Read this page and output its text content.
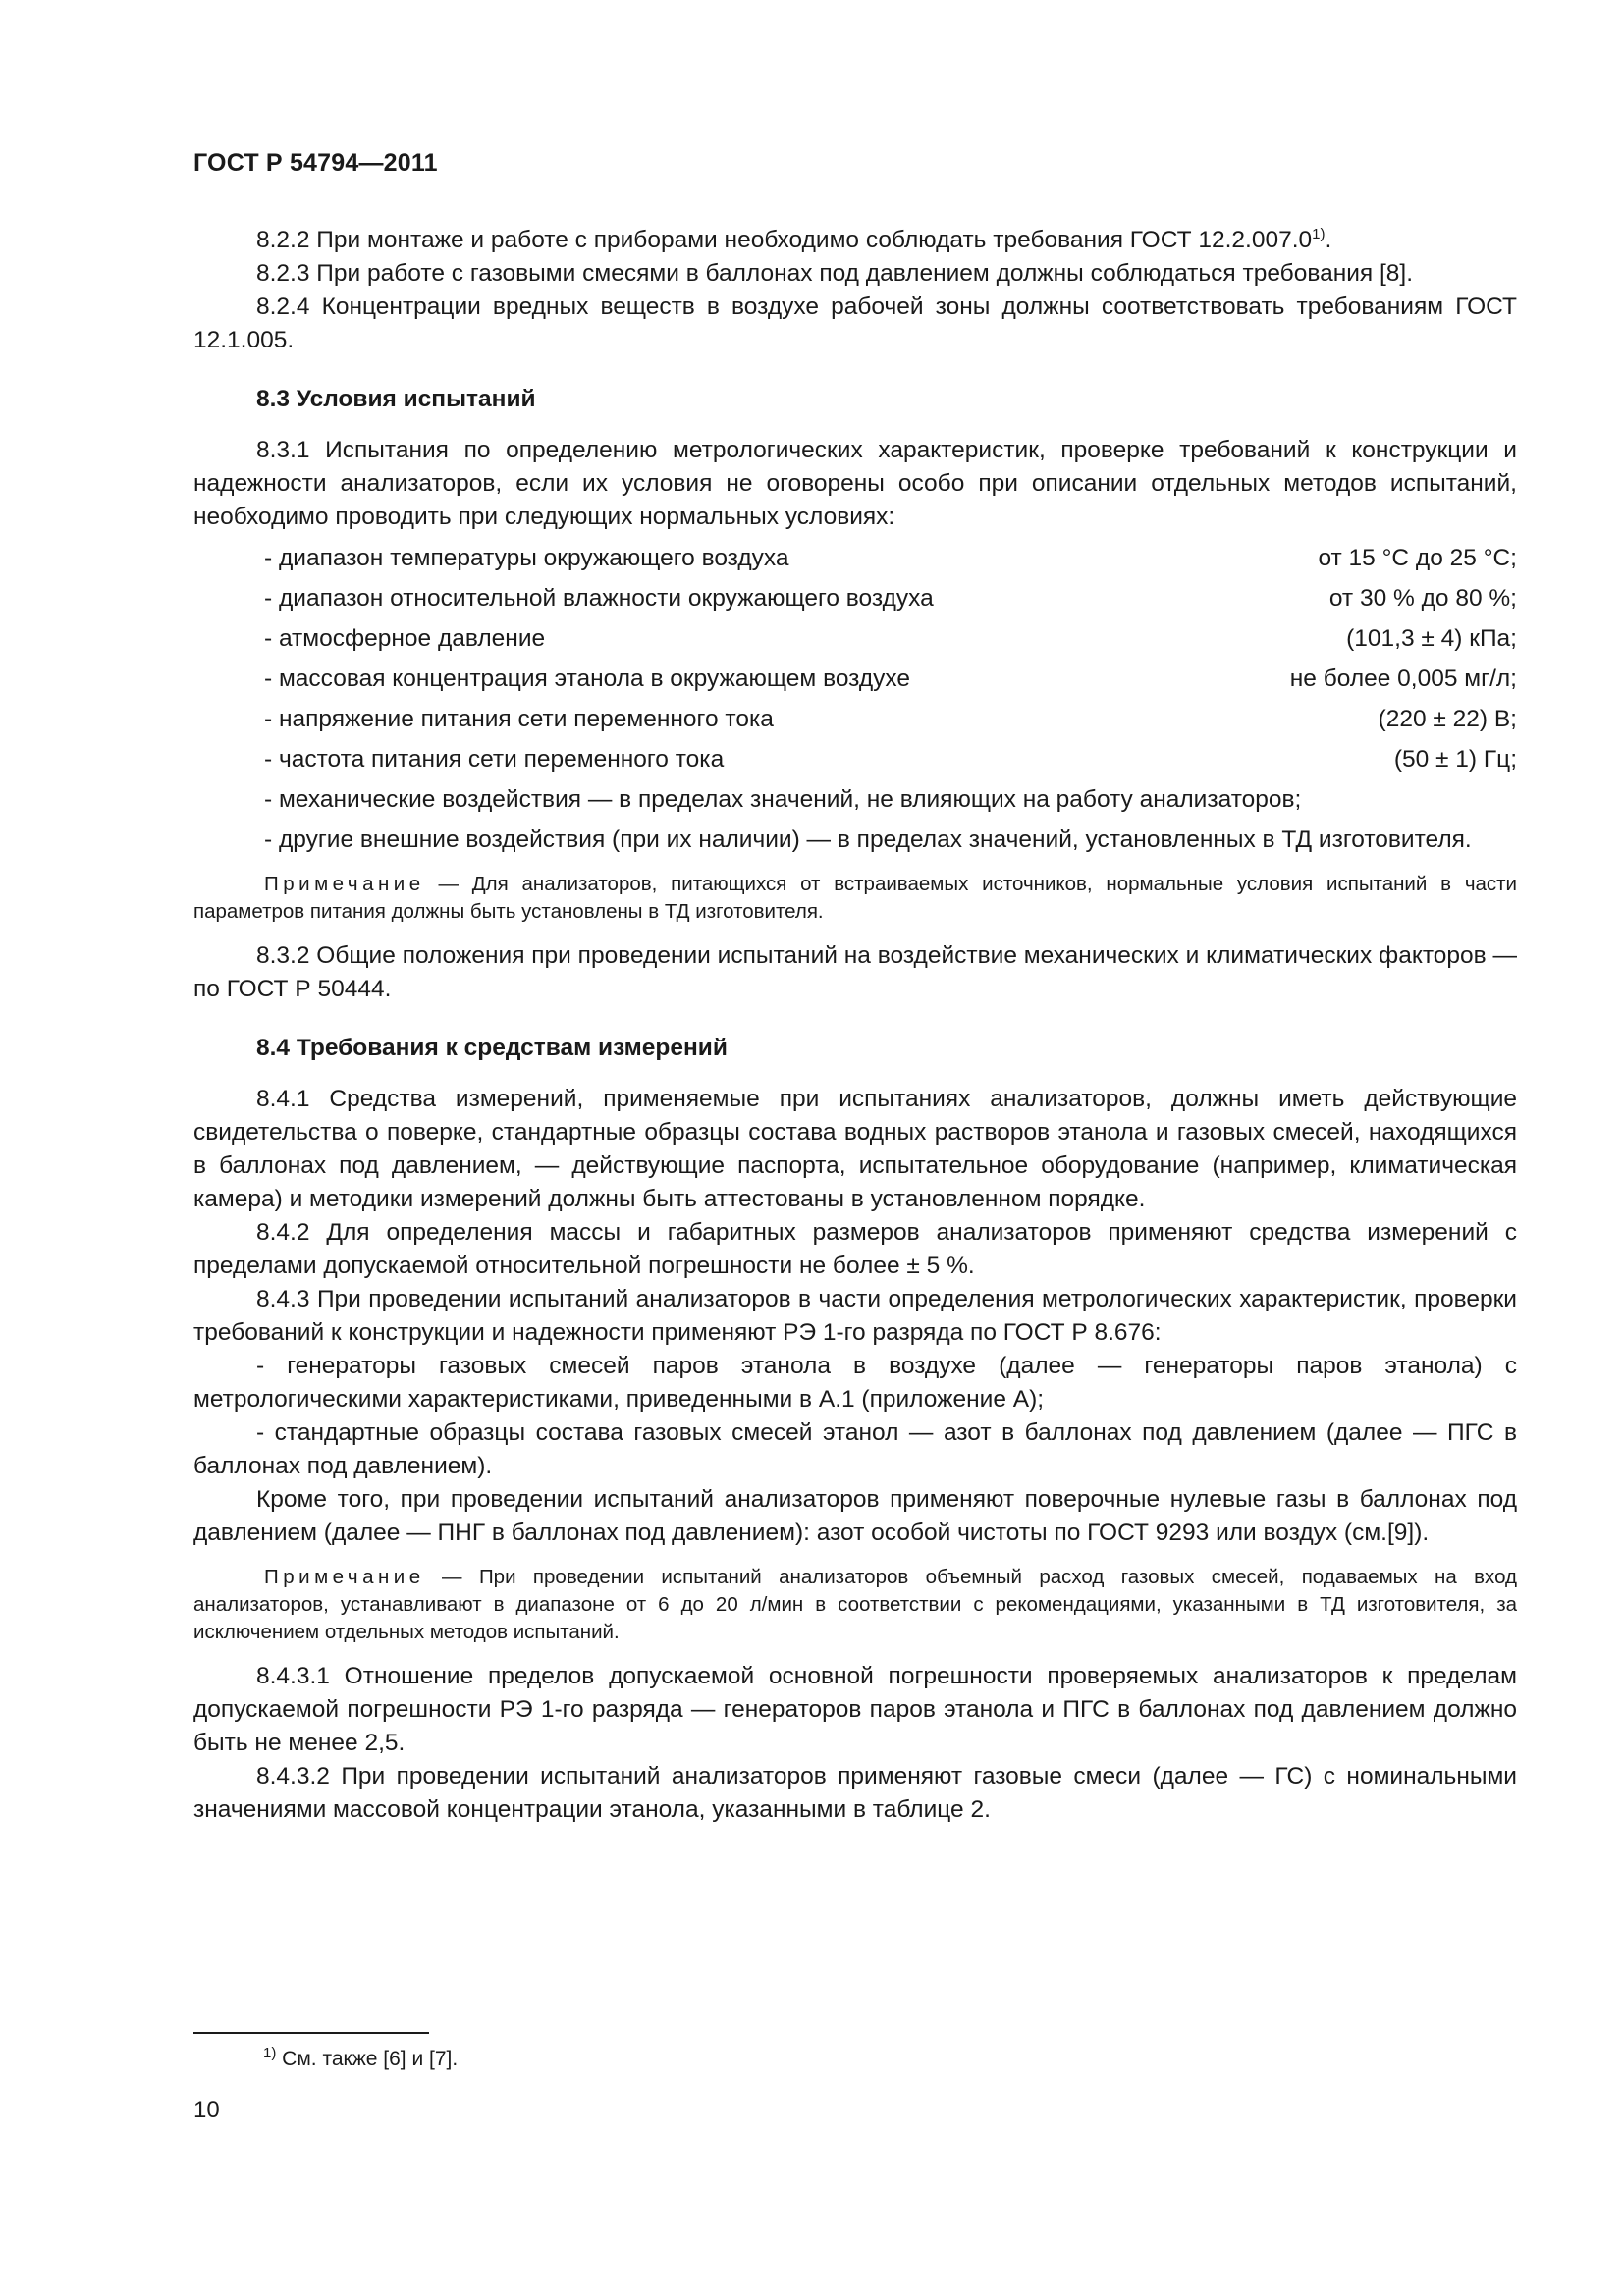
ГОСТ Р 54794—2011

8.2.2 При монтаже и работе с приборами необходимо соблюдать требования ГОСТ 12.2.007.0$^{1)}$.

8.2.3 При работе с газовыми смесями в баллонах под давлением должны соблюдаться требования [8].

8.2.4 Концентрации вредных веществ в воздухе рабочей зоны должны соответствовать требованиям ГОСТ 12.1.005.

8.3 Условия испытаний

8.3.1 Испытания по определению метрологических характеристик, проверке требований к конструкции и надежности анализаторов, если их условия не оговорены особо при описании отдельных методов испытаний, необходимо проводить при следующих нормальных условиях:

- диапазон температуры окружающего воздуха	от 15 °С до 25 °С;
- диапазон относительной влажности окружающего воздуха	от 30 % до 80 %;
- атмосферное давление	(101,3 ± 4) кПа;
- массовая концентрация этанола в окружающем воздухе	не более 0,005 мг/л;
- напряжение питания сети переменного тока	(220 ± 22) В;
- частота питания сети переменного тока	(50 ± 1) Гц;

- механические воздействия — в пределах значений, не влияющих на работу анализаторов;

- другие внешние воздействия (при их наличии) — в пределах значений, установленных в ТД изготовителя.

Примечание — Для анализаторов, питающихся от встраиваемых источников, нормальные условия испытаний в части параметров питания должны быть установлены в ТД изготовителя.

8.3.2 Общие положения при проведении испытаний на воздействие механических и климатических факторов — по ГОСТ Р 50444.

8.4 Требования к средствам измерений

8.4.1 Средства измерений, применяемые при испытаниях анализаторов, должны иметь действующие свидетельства о поверке, стандартные образцы состава водных растворов этанола и газовых смесей, находящихся в баллонах под давлением, — действующие паспорта, испытательное оборудование (например, климатическая камера) и методики измерений должны быть аттестованы в установленном порядке.

8.4.2 Для определения массы и габаритных размеров анализаторов применяют средства измерений с пределами допускаемой относительной погрешности не более ± 5 %.

8.4.3 При проведении испытаний анализаторов в части определения метрологических характеристик, проверки требований к конструкции и надежности применяют РЭ 1-го разряда по ГОСТ Р 8.676:

- генераторы газовых смесей паров этанола в воздухе (далее — генераторы паров этанола) с метрологическими характеристиками, приведенными в А.1 (приложение А);

- стандартные образцы состава газовых смесей этанол — азот в баллонах под давлением (далее — ПГС в баллонах под давлением).

Кроме того, при проведении испытаний анализаторов применяют поверочные нулевые газы в баллонах под давлением (далее — ПНГ в баллонах под давлением): азот особой чистоты по ГОСТ 9293 или воздух (см.[9]).

Примечание — При проведении испытаний анализаторов объемный расход газовых смесей, подаваемых на вход анализаторов, устанавливают в диапазоне от 6 до 20 л/мин в соответствии с рекомендациями, указанными в ТД изготовителя, за исключением отдельных методов испытаний.

8.4.3.1 Отношение пределов допускаемой основной погрешности проверяемых анализаторов к пределам допускаемой погрешности РЭ 1-го разряда — генераторов паров этанола и ПГС в баллонах под давлением должно быть не менее 2,5.

8.4.3.2 При проведении испытаний анализаторов применяют газовые смеси (далее — ГС) с номинальными значениями массовой концентрации этанола, указанными в таблице 2.

$^{1)}$ См. также [6] и [7].
10
